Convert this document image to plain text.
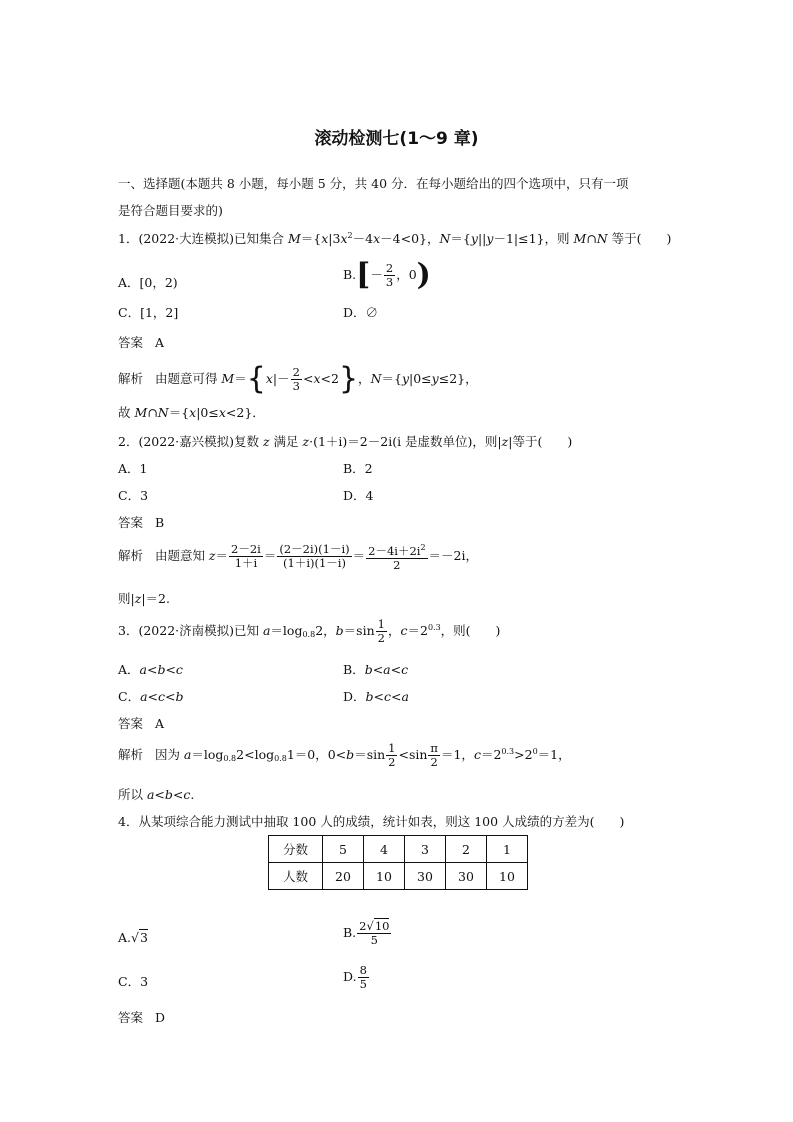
滚动检测七(1～9 章)
一、选择题(本题共 8 小题，每小题 5 分，共 40 分．在每小题给出的四个选项中，只有一项
是符合题目要求的)
1．(2022·大连模拟)已知集合 $M=\{x|3x^2-4x-4<0\}$，N＝{y||y－1|≤1}，则 M∩N 等于(　　)
A．[0，2)
$B.[- \frac{2}{3}$ ，0)
C．[1，2]	D．∅
答案 A
解析 由题意可得 $M=\{x|- \frac{2}{3} <x<2\}$，N＝{y|0≤y≤2}，
故 M∩N＝{x|0≤x<2}．
2．(2022·嘉兴模拟)复数 z 满足 z·(1＋i)＝2－2i(i 是虚数单位)，则|z|等于(　　)
A．1	B．2
C．3	D．4
答案 B
解析 由题意知 $z= \frac{2-2i}{1+i} = \frac{(2-2i)(1-i)}{(1+i)(1-i)} = \frac{2-4i+2i^2}{2} =-2i$，
则|z|＝2.
3．(2022·济南模拟)已知 $a=\log_{0.8}2$，$b=\sin \frac{1}{2}$ ，$c=2^{0.3}$，则(　　)
A．a<b<c	B．b<a<c
C．a<c<b	D．b<c<a
答案 A
解析 因为 $a=\log_{0.8}2<\log_{0.8}1=0$，$0<b=\sin \frac{1}{2} <\sin \frac{\pi}{2} =1$，$c=2^{0.3}>2^0=1$，
所以 a<b<c.
4．从某项综合能力测试中抽取 100 人的成绩，统计如表，则这 100 人成绩的方差为(　　)
分数	5	4	3	2	1
人数	20	10	30	30	10
A.√3	B. $\frac{2√10}{5}$
C．3	D. $\frac{8}{5}$
答案 D
